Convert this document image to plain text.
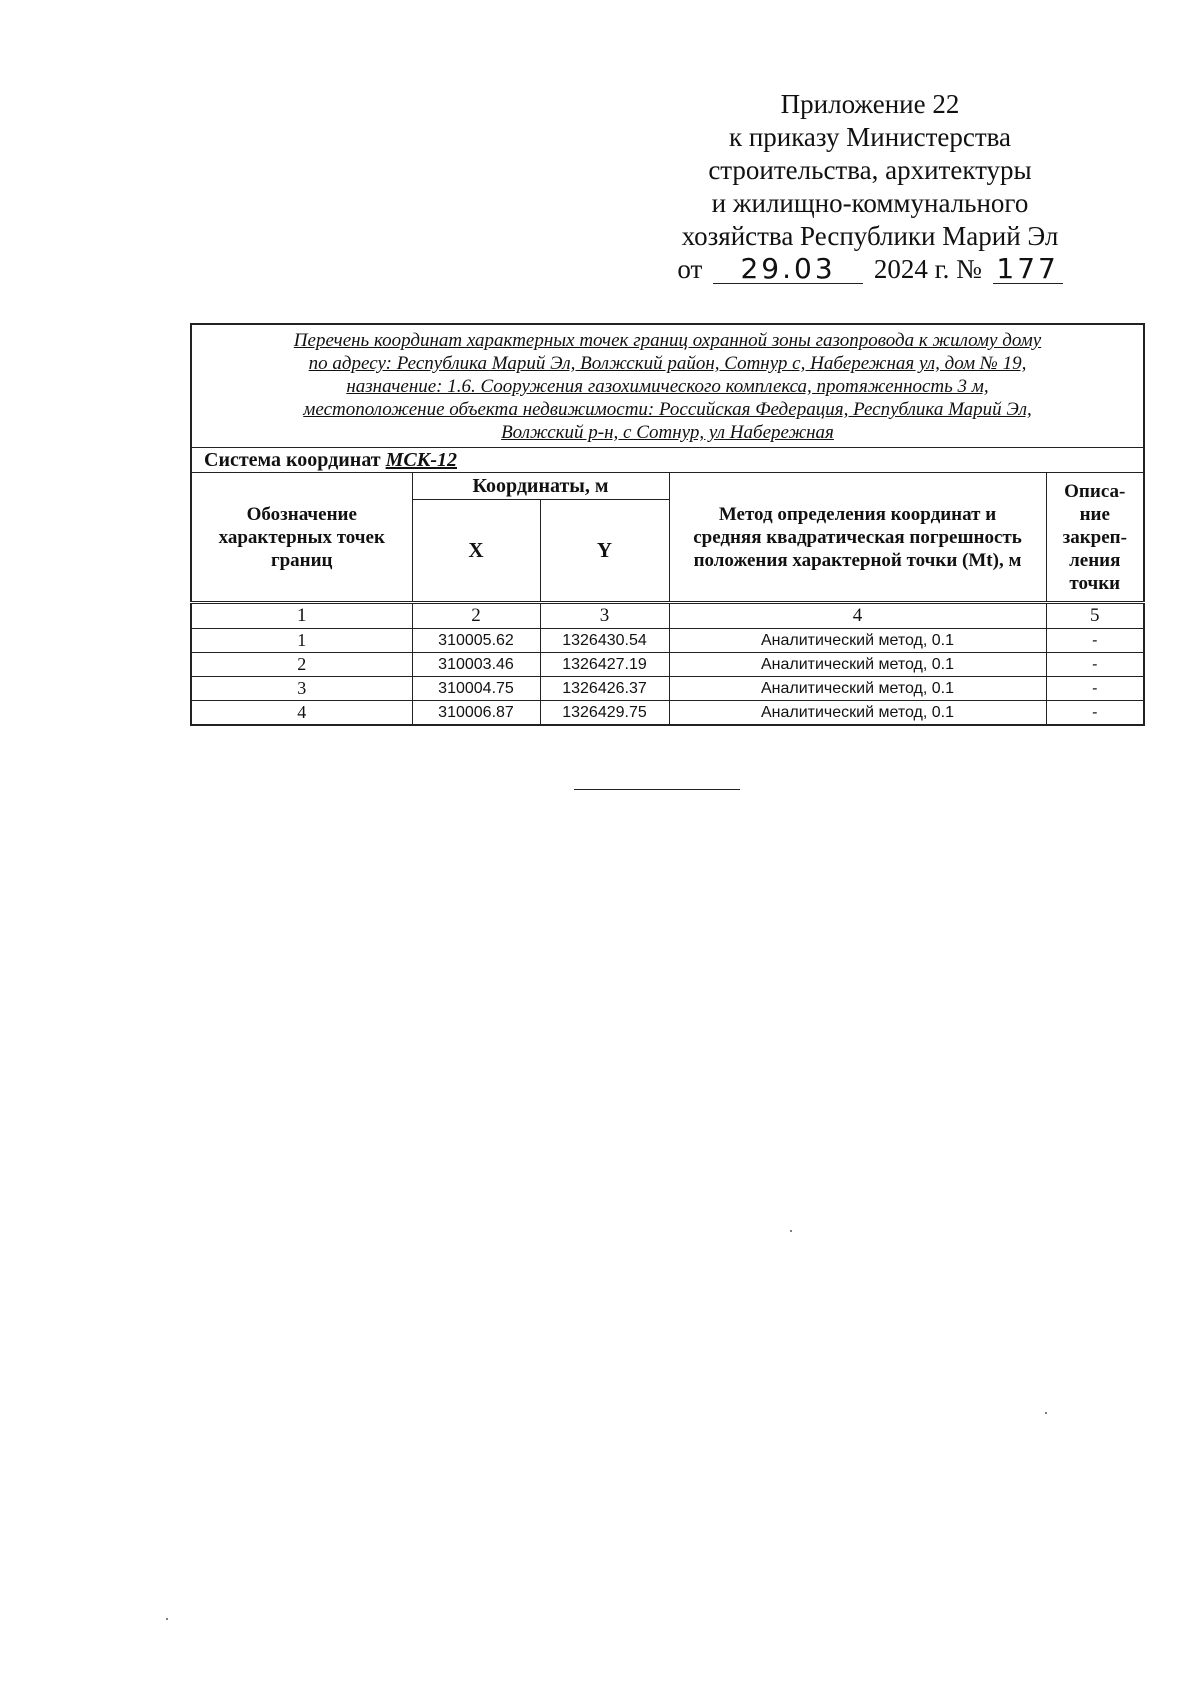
Приложение 22
к приказу Министерства
строительства, архитектуры
и жилищно-коммунального
хозяйства Республики Марий Эл
от 29.03 2024 г. № 177
Перечень координат характерных точек границ охранной зоны газопровода к жилому дому
по адресу: Республика Марий Эл, Волжский район, Сотнур с, Набережная ул, дом № 19,
назначение: 1.6. Сооружения газохимического комплекса, протяженность 3 м,
местоположение объекта недвижимости: Российская Федерация, Республика Марий Эл,
Волжский р-н, с Сотнур, ул Набережная				

Система координат МСК-12				
Обозначение характерных точек границ	Координаты, м		Метод определения координат и средняя квадратическая погрешность положения характерной точки (Mt), м	Описа-ние закреп-ления точки
	X	Y		
1	2	3	4	5
1	310005.62	1326430.54	Аналитический метод, 0.1	-
2	310003.46	1326427.19	Аналитический метод, 0.1	-
3	310004.75	1326426.37	Аналитический метод, 0.1	-
4	310006.87	1326429.75	Аналитический метод, 0.1	-
